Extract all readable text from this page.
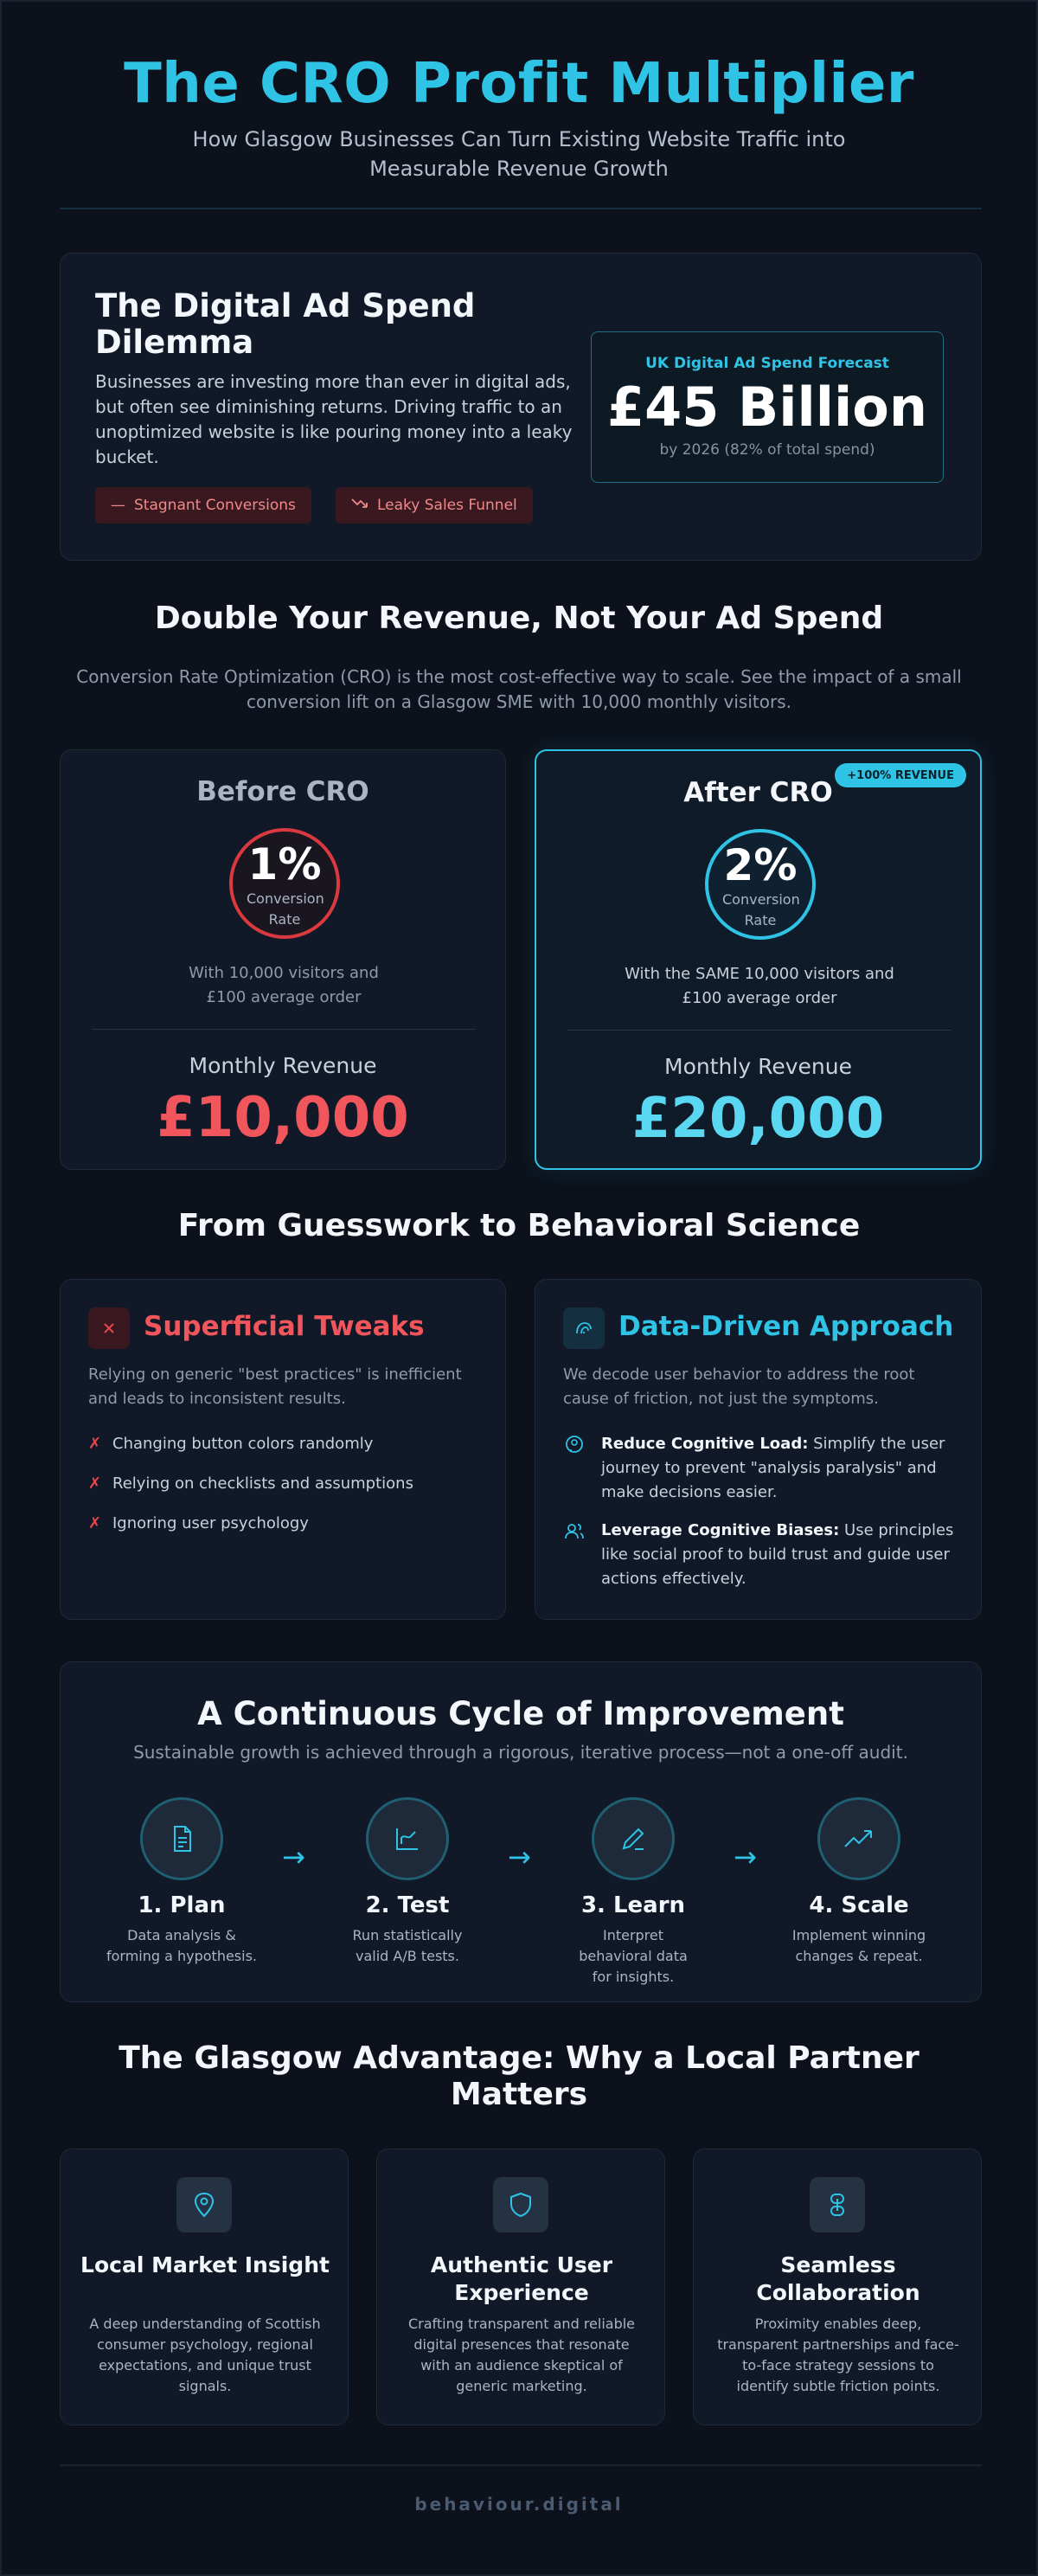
The CRO Profit Multiplier
How Glasgow Businesses Can Turn Existing Website Traffic into Measurable Revenue Growth
The Digital Ad Spend Dilemma
Businesses are investing more than ever in digital ads, but often see diminishing returns. Driving traffic to an unoptimized website is like pouring money into a leaky bucket.
— Stagnant Conversions	Leaky Sales Funnel
UK Digital Ad Spend Forecast
£45 Billion
by 2026 (82% of total spend)
Double Your Revenue, Not Your Ad Spend
Conversion Rate Optimization (CRO) is the most cost-effective way to scale. See the impact of a small conversion lift on a Glasgow SME with 10,000 monthly visitors.
Before CRO
1%
Conversion Rate
With 10,000 visitors and £100 average order
Monthly Revenue
£10,000
+100% REVENUE
After CRO
2%
Conversion Rate
With the SAME 10,000 visitors and £100 average order
Monthly Revenue
£20,000
From Guesswork to Behavioral Science
Superficial Tweaks
Relying on generic "best practices" is inefficient and leads to inconsistent results.
✗ Changing button colors randomly
✗ Relying on checklists and assumptions
✗ Ignoring user psychology
Data-Driven Approach
We decode user behavior to address the root cause of friction, not just the symptoms.
Reduce Cognitive Load: Simplify the user journey to prevent "analysis paralysis" and make decisions easier.
Leverage Cognitive Biases: Use principles like social proof to build trust and guide user actions effectively.
A Continuous Cycle of Improvement
Sustainable growth is achieved through a rigorous, iterative process—not a one-off audit.
1. Plan
Data analysis & forming a hypothesis.
→
2. Test
Run statistically valid A/B tests.
→
3. Learn
Interpret behavioral data for insights.
→
4. Scale
Implement winning changes & repeat.
The Glasgow Advantage: Why a Local Partner Matters
Local Market Insight
A deep understanding of Scottish consumer psychology, regional expectations, and unique trust signals.
Authentic User Experience
Crafting transparent and reliable digital presences that resonate with an audience skeptical of generic marketing.
Seamless Collaboration
Proximity enables deep, transparent partnerships and face-to-face strategy sessions to identify subtle friction points.
behaviour.digital
